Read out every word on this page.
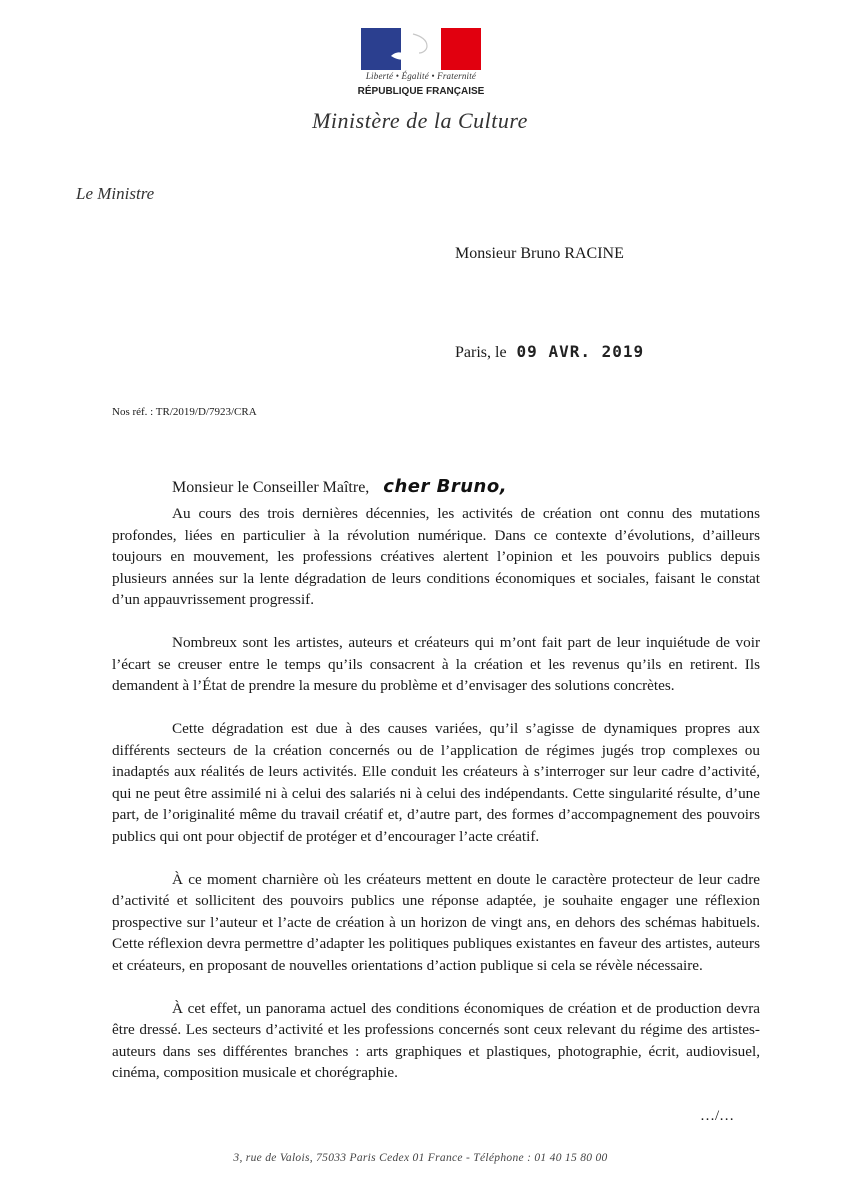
Liberté • Égalité • Fraternité
RÉPUBLIQUE FRANÇAISE
Ministère de la Culture
Le Ministre
Monsieur Bruno RACINE
Paris, le 09 AVR. 2019
Nos réf. : TR/2019/D/7923/CRA
Monsieur le Conseiller Maître, cher Bruno,

Au cours des trois dernières décennies, les activités de création ont connu des mutations profondes, liées en particulier à la révolution numérique. Dans ce contexte d’évolutions, d’ailleurs toujours en mouvement, les professions créatives alertent l’opinion et les pouvoirs publics depuis plusieurs années sur la lente dégradation de leurs conditions économiques et sociales, faisant le constat d’un appauvrissement progressif.

Nombreux sont les artistes, auteurs et créateurs qui m’ont fait part de leur inquiétude de voir l’écart se creuser entre le temps qu’ils consacrent à la création et les revenus qu’ils en retirent. Ils demandent à l’État de prendre la mesure du problème et d’envisager des solutions concrètes.

Cette dégradation est due à des causes variées, qu’il s’agisse de dynamiques propres aux différents secteurs de la création concernés ou de l’application de régimes jugés trop complexes ou inadaptés aux réalités de leurs activités. Elle conduit les créateurs à s’interroger sur leur cadre d’activité, qui ne peut être assimilé ni à celui des salariés ni à celui des indépendants. Cette singularité résulte, d’une part, de l’originalité même du travail créatif et, d’autre part, des formes d’accompagnement des pouvoirs publics qui ont pour objectif de protéger et d’encourager l’acte créatif.

À ce moment charnière où les créateurs mettent en doute le caractère protecteur de leur cadre d’activité et sollicitent des pouvoirs publics une réponse adaptée, je souhaite engager une réflexion prospective sur l’auteur et l’acte de création à un horizon de vingt ans, en dehors des schémas habituels. Cette réflexion devra permettre d’adapter les politiques publiques existantes en faveur des artistes, auteurs et créateurs, en proposant de nouvelles orientations d’action publique si cela se révèle nécessaire.

À cet effet, un panorama actuel des conditions économiques de création et de production devra être dressé. Les secteurs d’activité et les professions concernés sont ceux relevant du régime des artistes-auteurs dans ses différentes branches : arts graphiques et plastiques, photographie, écrit, audiovisuel, cinéma, composition musicale et chorégraphie.

…/…
3, rue de Valois, 75033 Paris Cedex 01 France - Téléphone : 01 40 15 80 00
